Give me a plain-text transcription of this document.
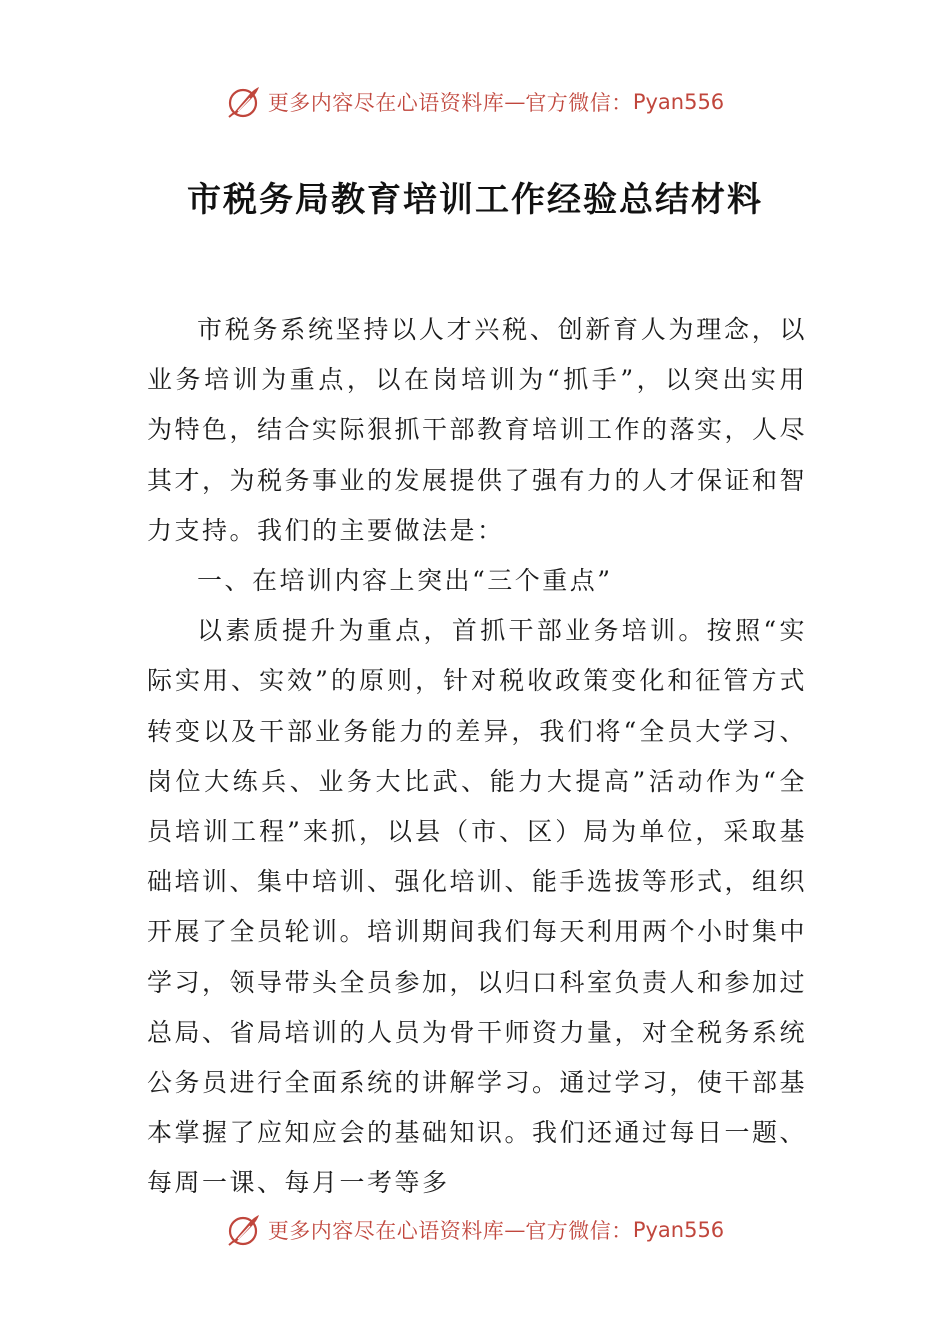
更多内容尽在心语资料库 — 官方微信： Pyan556
市税务局教育培训工作经验总结材料

市税务系统坚持以人才兴税、创新育人为理念，以业务培训为重点，以在岗培训为“抓手”，以突出实用为特色，结合实际狠抓干部教育培训工作的落实，人尽其才，为税务事业的发展提供了强有力的人才保证和智力支持。我们的主要做法是：

一、在培训内容上突出“三个重点”

以素质提升为重点，首抓干部业务培训。按照“实际实用、实效”的原则，针对税收政策变化和征管方式转变以及干部业务能力的差异，我们将“全员大学习、岗位大练兵、业务大比武、能力大提高”活动作为“全员培训工程”来抓，以县（市、区）局为单位，采取基础培训、集中培训、强化培训、能手选拔等形式，组织开展了全员轮训。培训期间我们每天利用两个小时集中学习，领导带头全员参加，以归口科室负责人和参加过总局、省局培训的人员为骨干师资力量，对全税务系统公务员进行全面系统的讲解学习。通过学习，使干部基本掌握了应知应会的基础知识。我们还通过每日一题、每周一课、每月一考等多

更多内容尽在心语资料库 — 官方微信： Pyan556
